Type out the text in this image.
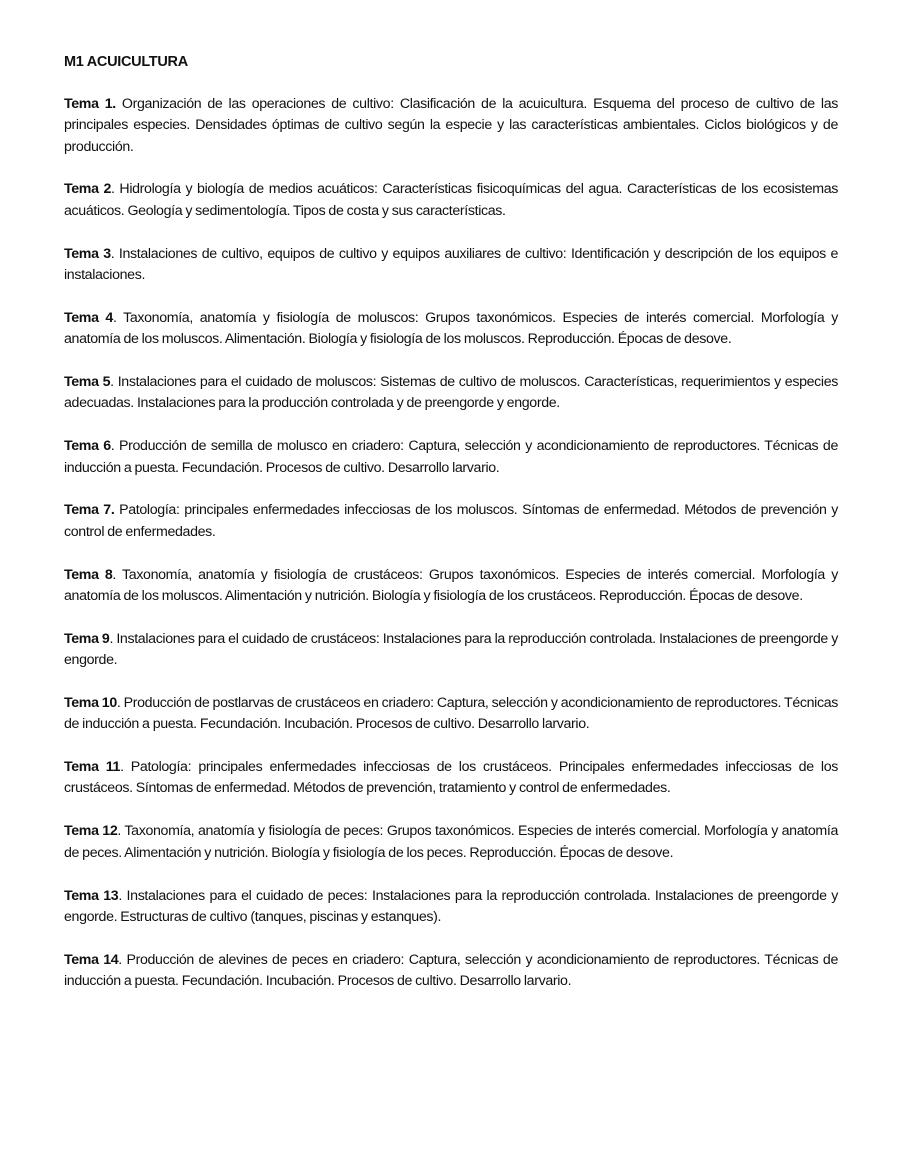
M1 ACUICULTURA

Tema 1. Organización de las operaciones de cultivo: Clasificación de la acuicultura. Esquema del proceso de cultivo de las principales especies. Densidades óptimas de cultivo según la especie y las características ambientales. Ciclos biológicos y de producción.

Tema 2. Hidrología y biología de medios acuáticos: Características fisicoquímicas del agua. Características de los ecosistemas acuáticos. Geología y sedimentología. Tipos de costa y sus características.

Tema 3. Instalaciones de cultivo, equipos de cultivo y equipos auxiliares de cultivo: Identificación y descripción de los equipos e instalaciones.

Tema 4. Taxonomía, anatomía y fisiología de moluscos: Grupos taxonómicos. Especies de interés comercial. Morfología y anatomía de los moluscos. Alimentación. Biología y fisiología de los moluscos. Reproducción. Épocas de desove.

Tema 5. Instalaciones para el cuidado de moluscos: Sistemas de cultivo de moluscos. Características, requerimientos y especies adecuadas. Instalaciones para la producción controlada y de preengorde y engorde.

Tema 6. Producción de semilla de molusco en criadero: Captura, selección y acondicionamiento de reproductores. Técnicas de inducción a puesta. Fecundación. Procesos de cultivo. Desarrollo larvario.

Tema 7. Patología: principales enfermedades infecciosas de los moluscos. Síntomas de enfermedad. Métodos de prevención y control de enfermedades.

Tema 8. Taxonomía, anatomía y fisiología de crustáceos: Grupos taxonómicos. Especies de interés comercial. Morfología y anatomía de los moluscos. Alimentación y nutrición. Biología y fisiología de los crustáceos. Reproducción. Épocas de desove.

Tema 9. Instalaciones para el cuidado de crustáceos: Instalaciones para la reproducción controlada. Instalaciones de preengorde y engorde.

Tema 10. Producción de postlarvas de crustáceos en criadero: Captura, selección y acondicionamiento de reproductores. Técnicas de inducción a puesta. Fecundación. Incubación. Procesos de cultivo. Desarrollo larvario.

Tema 11. Patología: principales enfermedades infecciosas de los crustáceos. Principales enfermedades infecciosas de los crustáceos. Síntomas de enfermedad. Métodos de prevención, tratamiento y control de enfermedades.

Tema 12. Taxonomía, anatomía y fisiología de peces: Grupos taxonómicos. Especies de interés comercial. Morfología y anatomía de peces. Alimentación y nutrición. Biología y fisiología de los peces. Reproducción. Épocas de desove.

Tema 13. Instalaciones para el cuidado de peces: Instalaciones para la reproducción controlada. Instalaciones de preengorde y engorde. Estructuras de cultivo (tanques, piscinas y estanques).

Tema 14. Producción de alevines de peces en criadero: Captura, selección y acondicionamiento de reproductores. Técnicas de inducción a puesta. Fecundación. Incubación. Procesos de cultivo. Desarrollo larvario.
